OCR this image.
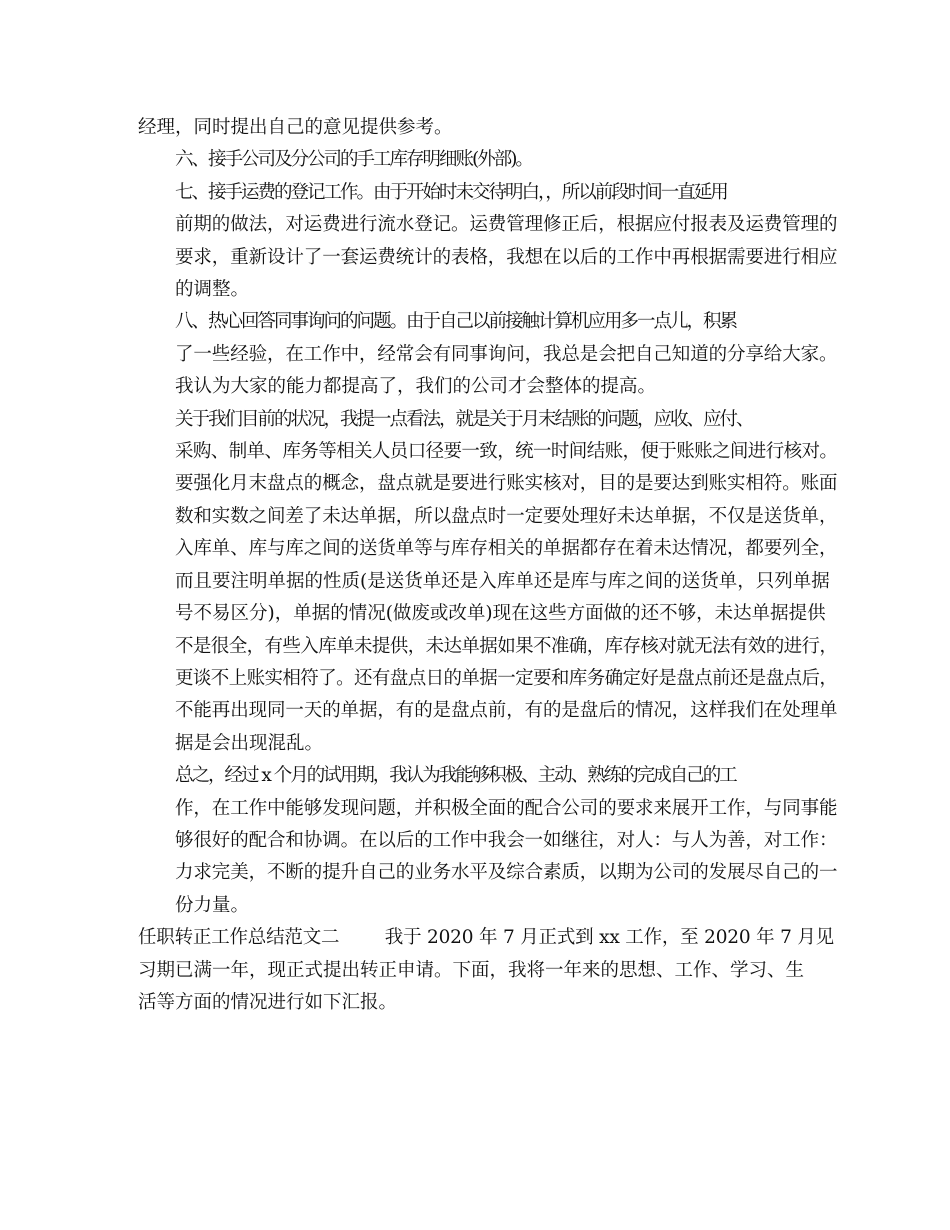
经理，同时提出自己的意见提供参考。

六、接手公司及分公司的手工库存明细账(外部)。

七、接手运费的登记工作。由于开始时未交待明白，，所以前段时间一直延用
前期的做法，对运费进行流水登记。运费管理修正后，根据应付报表及运费管理的
要求，重新设计了一套运费统计的表格，我想在以后的工作中再根据需要进行相应
的调整。

八、热心回答同事询问的问题。由于自己以前接触计算机应用多一点儿，积累
了一些经验，在工作中，经常会有同事询问，我总是会把自己知道的分享给大家。
我认为大家的能力都提高了，我们的公司才会整体的提高。

关于我们目前的状况，我提一点看法，就是关于月末结账的问题，应收、应付、
采购、制单、库务等相关人员口径要一致，统一时间结账，便于账账之间进行核对。
要强化月末盘点的概念，盘点就是要进行账实核对，目的是要达到账实相符。账面
数和实数之间差了未达单据，所以盘点时一定要处理好未达单据，不仅是送货单，
入库单、库与库之间的送货单等与库存相关的单据都存在着未达情况，都要列全，
而且要注明单据的性质(是送货单还是入库单还是库与库之间的送货单，只列单据
号不易区分)，单据的情况(做废或改单)现在这些方面做的还不够，未达单据提供
不是很全，有些入库单未提供，未达单据如果不准确，库存核对就无法有效的进行，
更谈不上账实相符了。还有盘点日的单据一定要和库务确定好是盘点前还是盘点后，
不能再出现同一天的单据，有的是盘点前，有的是盘后的情况，这样我们在处理单
据是会出现混乱。

总之，经过 x 个月的试用期，我认为我能够积极、主动、熟练的完成自己的工
作，在工作中能够发现问题，并积极全面的配合公司的要求来展开工作，与同事能
够很好的配合和协调。在以后的工作中我会一如继往，对人：与人为善，对工作：
力求完美，不断的提升自己的业务水平及综合素质，以期为公司的发展尽自己的一
份力量。

任职转正工作总结范文二 我于 2020 年 7 月正式到 xx 工作，至 2020 年 7 月见
习期已满一年，现正式提出转正申请。下面，我将一年来的思想、工作、学习、生
活等方面的情况进行如下汇报。
